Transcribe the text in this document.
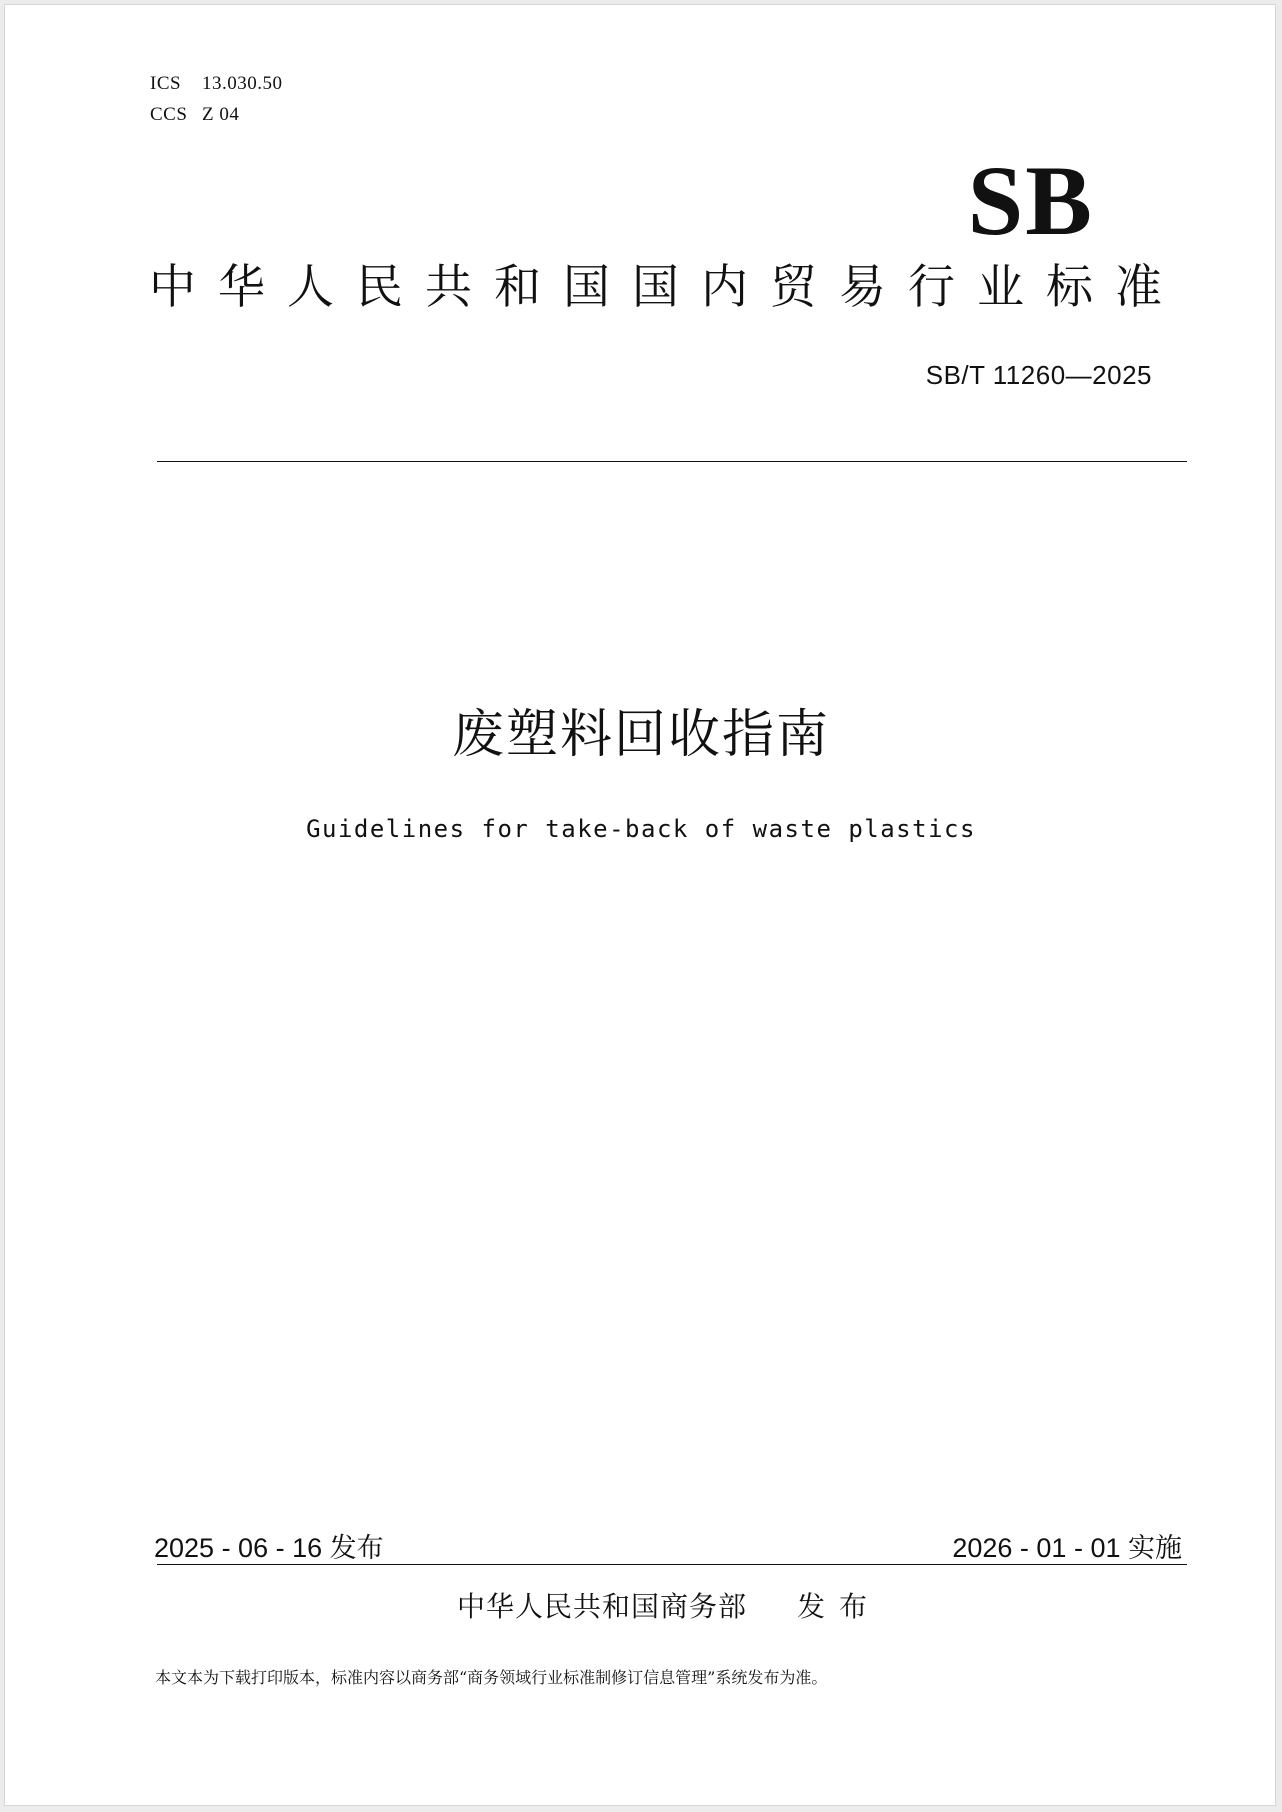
ICS 13.030.50
CCS Z 04
SB
中华人民共和国国内贸易行业标准
SB/T 11260—2025
废塑料回收指南
Guidelines for take-back of waste plastics
2025 - 06 - 16 发布	2026 - 01 - 01 实施
中华人民共和国商务部 发布
本文本为下载打印版本，标准内容以商务部“商务领域行业标准制修订信息管理”系统发布为准。
